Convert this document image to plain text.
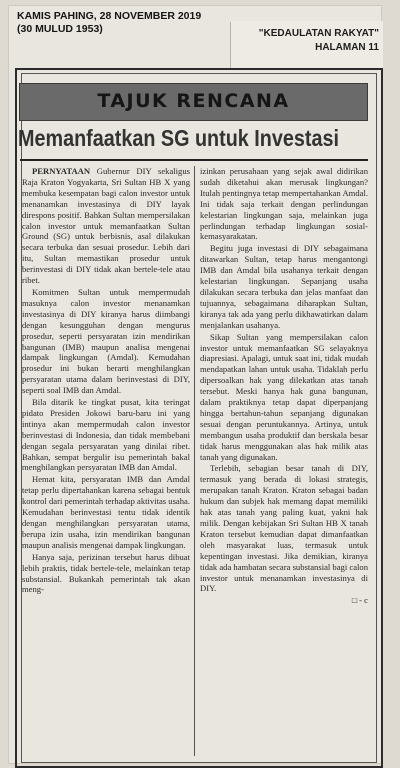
KAMIS PAHING, 28 NOVEMBER 2019
(30 MULUD 1953)	"KEDAULATAN RAKYAT"
HALAMAN 11
TAJUK RENCANA
Memanfaatkan SG untuk Investasi

PERNYATAAN Gubernur DIY sekaligus Raja Kraton Yogyakarta, Sri Sultan HB X yang membuka kesempatan bagi calon investor untuk menanamkan investasinya di DIY layak direspons positif. Bahkan Sultan mempersilakan calon investor untuk memanfaatkan Sultan Ground (SG) untuk berbisnis, asal dilakukan secara terbuka dan sesuai prosedur. Lebih dari itu, Sultan memastikan prosedur untuk berinvestasi di DIY tidak akan bertele-tele atau ribet.

Komitmen Sultan untuk mempermudah masuknya calon investor menanamkan investasinya di DIY kiranya harus diimbangi dengan kesungguhan dengan mengurus prosedur, seperti persyaratan izin mendirikan bangunan (IMB) maupun analisa mengenai dampak lingkungan (Amdal). Kemudahan prosedur ini bukan berarti menghilangkan persyaratan utama dalam berinvestasi di DIY, seperti soal IMB dan Amdal.

Bila ditarik ke tingkat pusat, kita teringat pidato Presiden Jokowi baru-baru ini yang intinya akan mempermudah calon investor berinvestasi di Indonesia, dan tidak membebani dengan segala persyaratan yang dinilai ribet. Bahkan, sempat bergulir isu pemerintah bakal menghilangkan persyaratan IMB dan Amdal.

Hemat kita, persyaratan IMB dan Amdal tetap perlu dipertahankan karena sebagai bentuk kontrol dari pemerintah terhadap aktivitas usaha. Kemudahan berinvestasi tentu tidak identik dengan menghilangkan persyaratan utama, berupa izin usaha, izin mendirikan bangunan maupun analisis mengenai dampak lingkungan.

Hanya saja, perizinan tersebut harus dibuat lebih praktis, tidak bertele-tele, melainkan tetap substansial. Bukankah pemerintah tak akan meng-

izinkan perusahaan yang sejak awal didirikan sudah diketahui akan merusak lingkungan? Itulah pentingnya tetap mempertahankan Amdal. Ini tidak saja terkait dengan perlindungan kelestarian lingkungan saja, melainkan juga perlindungan terhadap lingkungan sosial-kemasyarakatan.

Begitu juga investasi di DIY sebagaimana ditawarkan Sultan, tetap harus mengantongi IMB dan Amdal bila usahanya terkait dengan kelestarian lingkungan. Sepanjang usaha dilakukan secara terbuka dan jelas manfaat dan tujuannya, sebagaimana diharapkan Sultan, kiranya tak ada yang perlu dikhawatirkan dalam menjalankan usahanya.

Sikap Sultan yang mempersilakan calon investor untuk memanfaatkan SG selayaknya diapresiasi. Apalagi, untuk saat ini, tidak mudah mendapatkan lahan untuk usaha. Tidaklah perlu dipersoalkan hak yang dilekatkan atas tanah tersebut. Meski hanya hak guna bangunan, dalam praktiknya tetap dapat diperpanjang hingga bertahun-tahun sepanjang digunakan sesuai dengan peruntukannya. Artinya, untuk membangun usaha produktif dan berskala besar tidak harus menggunakan alas hak milik atas tanah yang digunakan.

Terlebih, sebagian besar tanah di DIY, termasuk yang berada di lokasi strategis, merupakan tanah Kraton. Kraton sebagai badan hukum dan subjek hak memang dapat memiliki hak atas tanah yang paling kuat, yakni hak milik. Dengan kebijakan Sri Sultan HB X tanah Kraton tersebut kemudian dapat dimanfaatkan oleh masyarakat luas, termasuk untuk kepentingan investasi. Jika demikian, kiranya tidak ada hambatan secara substansial bagi calon investor untuk menanamkan investasinya di DIY.

□ - c
